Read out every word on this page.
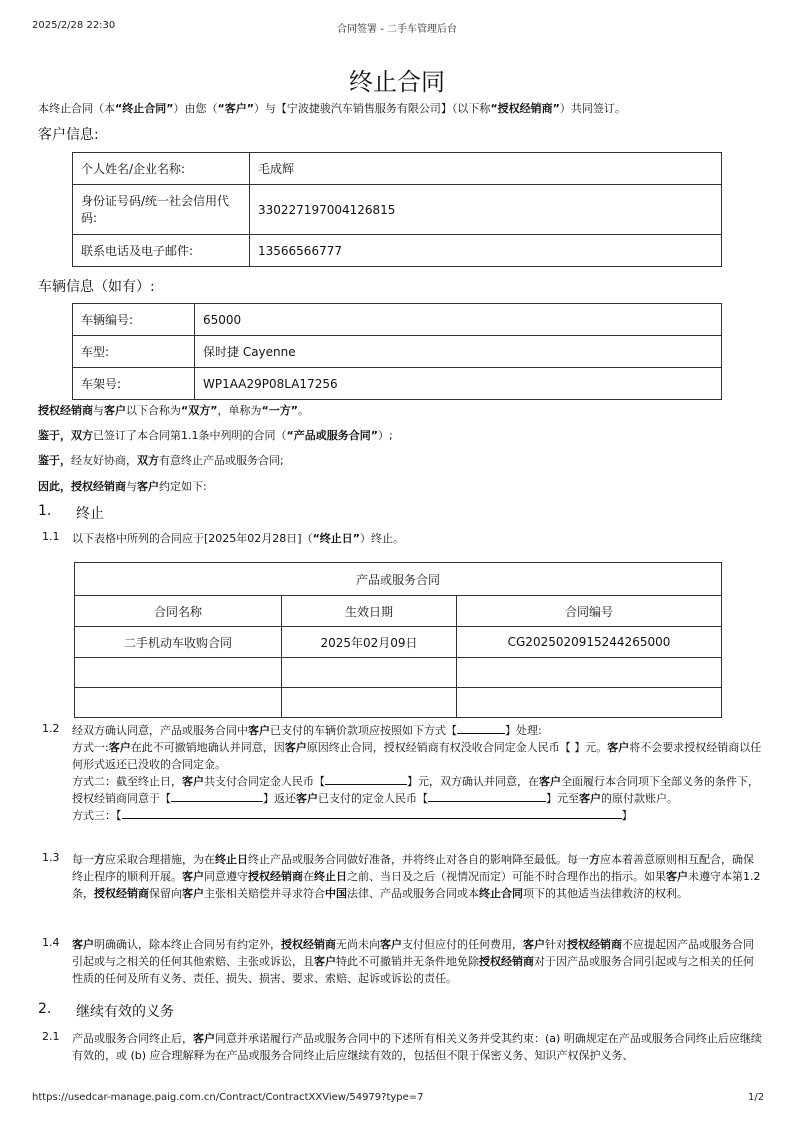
2025/2/28 22:30	合同签署 - 二手车管理后台
https://usedcar-manage.paig.com.cn/Contract/ContractXXView/54979?type=7	1/2
终止合同
本终止合同（本“终止合同”）由您（“客户”）与【宁波捷骏汽车销售服务有限公司】（以下称“授权经销商”）共同签订。
客户信息:
个人姓名/企业名称:	毛成辉
身份证号码/统一社会信用代码:	330227197004126815
联系电话及电子邮件:	13566566777
车辆信息（如有）:
车辆编号:	65000
车型:	保时捷 Cayenne
车架号:	WP1AA29P08LA17256
授权经销商与客户以下合称为“双方”，单称为“一方”。
鉴于，双方已签订了本合同第1.1条中列明的合同（“产品或服务合同”）;
鉴于，经友好协商，双方有意终止产品或服务合同;
因此，授权经销商与客户约定如下:
1. 终止
1.1 以下表格中所列的合同应于[2025年02月28日]（“终止日”）终止。
产品或服务合同		
合同名称	生效日期	合同编号
二手机动车收购合同	2025年02月09日	CG2025020915244265000

1.2 经双方确认同意，产品或服务合同中客户已支付的车辆价款项应按照如下方式【	】处理:
方式一:客户在此不可撤销地确认并同意，因客户原因终止合同，授权经销商有权没收合同定金人民币【 】元。客户将不会要求授权经销商以任何形式返还已没收的合同定金。
方式二：截至终止日，客户共支付合同定金人民币【	】元，双方确认并同意，在客户全面履行本合同项下全部义务的条件下，授权经销商同意于【	】返还客户已支付的定金人民币【	】元至客户的原付款账户。
方式三：【	】
1.3 每一方应采取合理措施，为在终止日终止产品或服务合同做好准备，并将终止对各自的影响降至最低。每一方应本着善意原则相互配合，确保终止程序的顺利开展。客户同意遵守授权经销商在终止日之前、当日及之后（视情况而定）可能不时合理作出的指示。如果客户未遵守本第1.2条，授权经销商保留向客户主张相关赔偿并寻求符合中国法律、产品或服务合同或本终止合同项下的其他适当法律救济的权利。
1.4 客户明确确认，除本终止合同另有约定外，授权经销商无尚未向客户支付但应付的任何费用，客户针对授权经销商不应提起因产品或服务合同引起或与之相关的任何其他索赔、主张或诉讼，且客户特此不可撤销并无条件地免除授权经销商对于因产品或服务合同引起或与之相关的任何性质的任何及所有义务、责任、损失、损害、要求、索赔、起诉或诉讼的责任。
2. 继续有效的义务
2.1 产品或服务合同终止后，客户同意并承诺履行产品或服务合同中的下述所有相关义务并受其约束：(a) 明确规定在产品或服务合同终止后应继续有效的，或 (b) 应合理解释为在产品或服务合同终止后应继续有效的，包括但不限于保密义务、知识产权保护义务、
